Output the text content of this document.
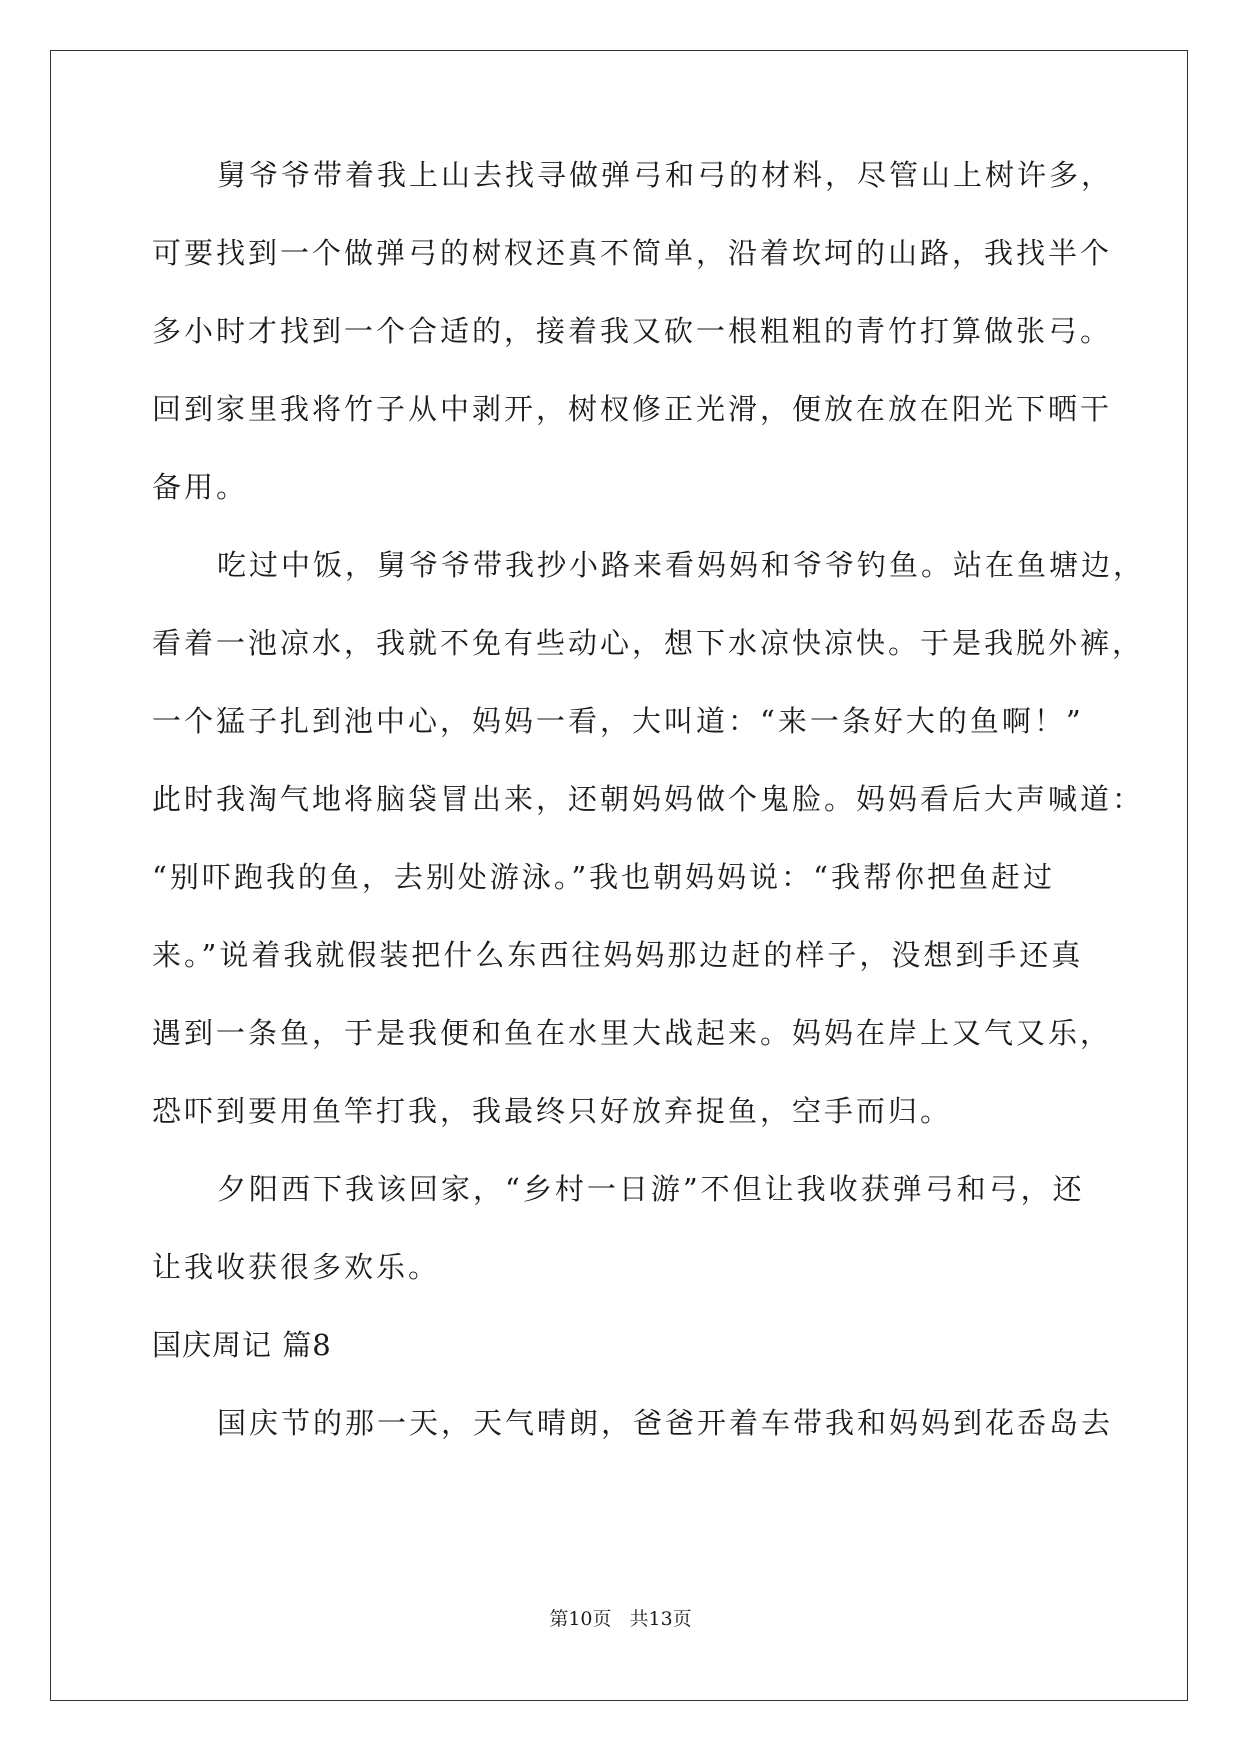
舅爷爷带着我上山去找寻做弹弓和弓的材料，尽管山上树许多，
可要找到一个做弹弓的树杈还真不简单，沿着坎坷的山路，我找半个
多小时才找到一个合适的，接着我又砍一根粗粗的青竹打算做张弓。
回到家里我将竹子从中剥开，树杈修正光滑，便放在放在阳光下晒干
备用。
吃过中饭，舅爷爷带我抄小路来看妈妈和爷爷钓鱼。站在鱼塘边，
看着一池凉水，我就不免有些动心，想下水凉快凉快。于是我脱外裤，
一个猛子扎到池中心，妈妈一看，大叫道：“来一条好大的鱼啊！”
此时我淘气地将脑袋冒出来，还朝妈妈做个鬼脸。妈妈看后大声喊道：
“别吓跑我的鱼，去别处游泳。”我也朝妈妈说：“我帮你把鱼赶过
来。”说着我就假装把什么东西往妈妈那边赶的样子，没想到手还真
遇到一条鱼，于是我便和鱼在水里大战起来。妈妈在岸上又气又乐，
恐吓到要用鱼竿打我，我最终只好放弃捉鱼，空手而归。
夕阳西下我该回家，“乡村一日游”不但让我收获弹弓和弓，还
让我收获很多欢乐。
国庆周记 篇8
国庆节的那一天，天气晴朗，爸爸开着车带我和妈妈到花岙岛去
第10页 共13页
